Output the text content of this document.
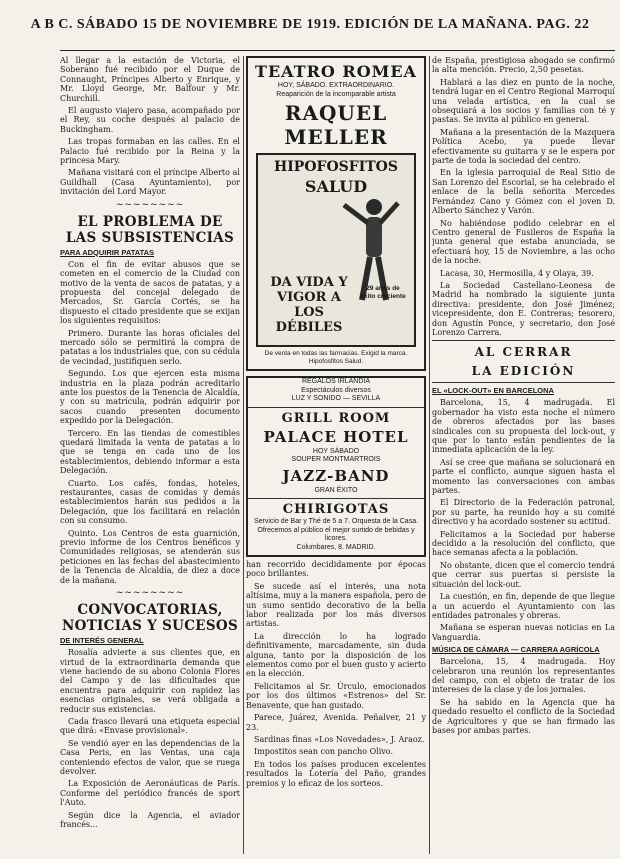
A B C. SÁBADO 15 DE NOVIEMBRE DE 1919. EDICIÓN DE LA MAÑANA. PAG. 22

Al llegar a la estación de Victoria, el Soberano fué recibido por el Duque de Connaught, Príncipes Alberto y Enrique, y Mr. Lloyd George, Mr. Balfour y Mr. Churchill.

El augusto viajero pasa, acompañado por el Rey, su coche después al palacio de Buckingham.

Las tropas formaban en las calles. En el Palacio fué recibido por la Reina y la princesa Mary.

Mañana visitará con el príncipe Alberto al Guildhall (Casa Ayuntamiento), por invitación del Lord Mayor.

~~~~~~~~
EL PROBLEMA DE LAS SUBSISTENCIAS
PARA ADQUIRIR PATATAS

Con el fin de evitar abusos que se cometen en el comercio de la Ciudad con motivo de la venta de sacos de patatas, y a propuesta del concejal delegado de Mercados, Sr. García Cortés, se ha dispuesto el citado presidente que se exijan los siguientes requisitos:

Primero. Durante las horas oficiales del mercado sólo se permitirá la compra de patatas a los industriales que, con su cédula de vecindad, justifiquen serlo.

Segundo. Los que ejercen esta misma industria en la plaza podrán acreditarlo ante los puestos de la Tenencia de Alcaldía, y con su matrícula, podrán adquirir por sacos cuando presenten documento expedido por la Delegación.

Tercero. En las tiendas de comestibles quedará limitada la venta de patatas a lo que se tenga en cada uno de los establecimientos, debiendo informar a esta Delegación.

Cuarto. Los cafés, fondas, hoteles, restaurantes, casas de comidas y demás establecimientos harán sus pedidos a la Delegación, que los facilitará en relación con su consumo.

Quinto. Los Centros de esta guarnición, previo informe de los Centros benéficos y Comunidades religiosas, se atenderán sus peticiones en las fechas del abastecimiento de la Tenencia de Alcaldía, de diez a doce de la mañana.

~~~~~~~~
CONVOCATORIAS, NOTICIAS Y SUCESOS
DE INTERÉS GENERAL

Rosalía advierte a sus clientes que, en virtud de la extraordinaria demanda que viene haciendo de su abono Colonia Flores del Campo y de las dificultades que encuentra para adquirir con rapidez las esencias originales, se verá obligada a reducir sus existencias.

Cada frasco llevará una etiqueta especial que dirá: «Envase provisional».

Se vendió ayer en las dependencias de la Casa Peris, en las Ventas, una caja conteniendo efectos de valor, que se ruega devolver.

La Exposición de Aeronáuticas de París. Conforme del periódico francés de sport l'Auto.

Según dice la Agencia, el aviador francés...

TEATRO ROMEA
HOY, SÁBADO. EXTRAORDINARIO.
Reaparición de la incomparable artista
RAQUEL MELLER
HIPOFOSFITOS
SALUD
DA VIDA Y VIGOR A LOS DÉBILES
29 años de éxito creciente
De venta en todas las farmacias. Exigid la marca. Hipofosfitos Salud.
REGALOS IRLANDIA
Espectáculos diversos
LUZ Y SONIDO — SEVILLA
GRILL ROOM
PALACE HOTEL
HOY SÁBADO
SOUPER MONTMARTROIS
JAZZ-BAND
GRAN ÉXITO
CHIRIGOTAS
Servicio de Bar y Thé de 5 a 7. Orquesta de la Casa.
Ofrecemos al público el mejor surtido de bebidas y licores.
Columbares, 8. MADRID.

han recorrido decididamente por épocas poco brillantes.

Se sucede así el interés, una nota altísima, muy a la manera española, pero de un sumo sentido decorativo de la bella labor realizada por los más diversos artistas.

La dirección lo ha logrado definitivamente, marcadamente, sin duda alguna, tanto por la disposición de los elementos como por el buen gusto y acierto en la elección.

Felicitamos al Sr. Úrculo, emocionados por los dos últimos «Estrenos» del Sr. Benavente, que han gustado.

Parece, Juárez, Avenida. Peñalver, 21 y 23.

Sardinas finas «Los Novedades», J. Araoz.

Impostitos sean con pancho Olivo.

En todos los países producen excelentes resultados la Lotería del Paño, grandes premios y lo eficaz de los sorteos.

de España, prestigiosa abogado se confirmó la alta mención. Precio, 2,50 pesetas.

Hablará a las diez en punto de la noche, tendrá lugar en el Centro Regional Marroquí una velada artística, en la cual se obsequiará a los socios y familias con té y pastas. Se invita al público en general.

Mañana a la presentación de la Mazquera Política Acebo, ya puede llevar efectivamente su guitarra y se le espera por parte de toda la sociedad del centro.

En la iglesia parroquial de Real Sitio de San Lorenzo del Escorial, se ha celebrado el enlace de la bella señorita Mercedes Fernández Cano y Gómez con el joven D. Alberto Sánchez y Varón.

No habiéndose podido celebrar en el Centro general de Fusileros de España la junta general que estaba anunciada, se efectuará hoy, 15 de Noviembre, a las ocho de la noche.

Lacasa, 30, Hermosilla, 4 y Olaya, 39.

La Sociedad Castellano-Leonesa de Madrid ha nombrado la siguiente junta directiva: presidente, don José Jiménez; vicepresidente, don E. Contreras; tesorero, don Agustín Ponce, y secretario, don José Lorenzo Carrera.

AL CERRAR
LA EDICIÓN
EL «LOCK-OUT» EN BARCELONA

Barcelona, 15, 4 madrugada. El gobernador ha visto esta noche el número de obreros afectados por las bases sindicales con su propuesta del lock-out, y que por lo tanto están pendientes de la inmediata aplicación de la ley.

Así se cree que mañana se solucionará en parte el conflicto, aunque siguen hasta el momento las conversaciones con ambas partes.

El Directorio de la Federación patronal, por su parte, ha reunido hoy a su comité directivo y ha acordado sostener su actitud.

Felicitamos a la Sociedad por haberse decidido a la resolución del conflicto, que hace semanas afecta a la población.

No obstante, dicen que el comercio tendrá que cerrar sus puertas si persiste la situación del lock-out.

La cuestión, en fin, depende de que llegue a un acuerdo el Ayuntamiento con las entidades patronales y obreras.

Mañana se esperan nuevas noticias en La Vanguardia.

MÚSICA DE CÁMARA — CARRERA AGRÍCOLA

Barcelona, 15, 4 madrugada. Hoy celebraron una reunión los representantes del campo, con el objeto de tratar de los intereses de la clase y de los jornales.

Se ha sabido en la Agencia que ha quedado resuelto el conflicto de la Sociedad de Agricultores y que se han firmado las bases por ambas partes.
